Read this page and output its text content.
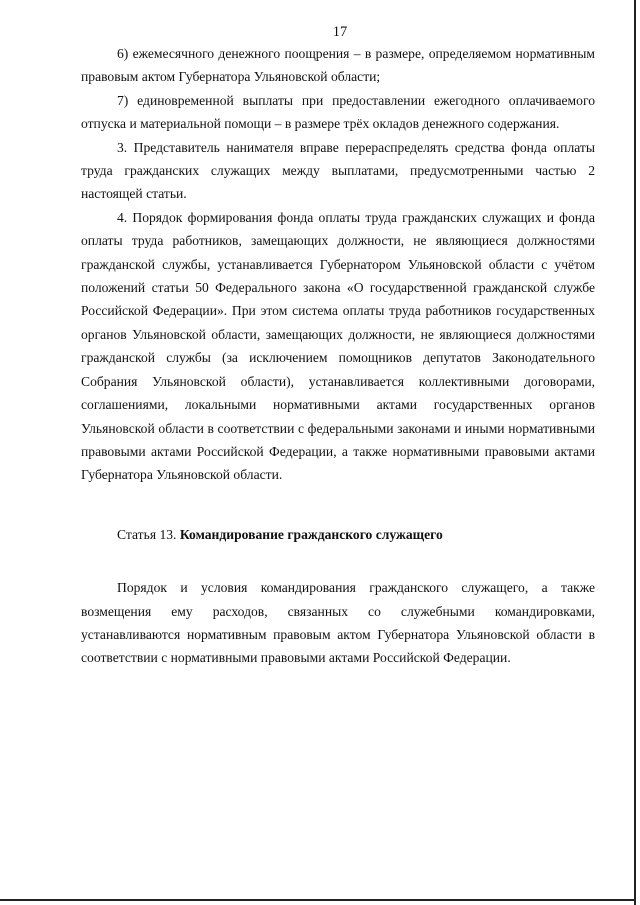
17

6) ежемесячного денежного поощрения – в размере, определяемом нормативным правовым актом Губернатора Ульяновской области;

7) единовременной выплаты при предоставлении ежегодного оплачиваемого отпуска и материальной помощи – в размере трёх окладов денежного содержания.

3. Представитель нанимателя вправе перераспределять средства фонда оплаты труда гражданских служащих между выплатами, предусмотренными частью 2 настоящей статьи.

4. Порядок формирования фонда оплаты труда гражданских служащих и фонда оплаты труда работников, замещающих должности, не являющиеся должностями гражданской службы, устанавливается Губернатором Ульяновской области с учётом положений статьи 50 Федерального закона «О государственной гражданской службе Российской Федерации». При этом система оплаты труда работников государственных органов Ульяновской области, замещающих должности, не являющиеся должностями гражданской службы (за исключением помощников депутатов Законодательного Собрания Ульяновской области), устанавливается коллективными договорами, соглашениями, локальными нормативными актами государственных органов Ульяновской области в соответствии с федеральными законами и иными нормативными правовыми актами Российской Федерации, а также нормативными правовыми актами Губернатора Ульяновской области.

Статья 13. Командирование гражданского служащего

Порядок и условия командирования гражданского служащего, а также возмещения ему расходов, связанных со служебными командировками, устанавливаются нормативным правовым актом Губернатора Ульяновской области в соответствии с нормативными правовыми актами Российской Федерации.
